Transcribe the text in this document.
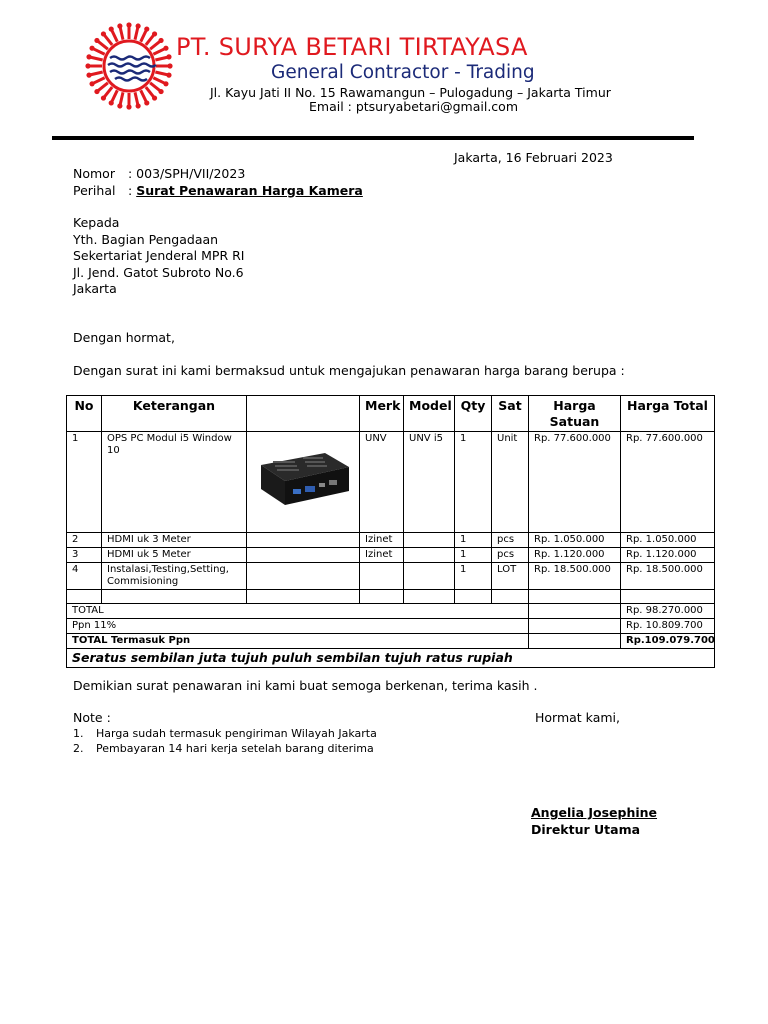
PT. SURYA BETARI TIRTAYASA
General Contractor - Trading
Jl. Kayu Jati II No. 15 Rawamangun – Pulogadung – Jakarta Timur
Email : ptsuryabetari@gmail.com
Jakarta, 16 Februari 2023
Nomor : 003/SPH/VII/2023
Perihal : Surat Penawaran Harga Kamera
Kepada
Yth. Bagian Pengadaan
Sekertariat Jenderal MPR RI
Jl. Jend. Gatot Subroto No.6
Jakarta
Dengan hormat,
Dengan surat ini kami bermaksud untuk mengajukan penawaran harga barang berupa :
No	Keterangan		Merk	Model	Qty	Sat	Harga Satuan	Harga Total
1	OPS PC Modul i5 Window 10		UNV	UNV i5	1	Unit	Rp. 77.600.000	Rp. 77.600.000
2	HDMI uk 3 Meter		Izinet		1	pcs	Rp. 1.050.000	Rp. 1.050.000
3	HDMI uk 5 Meter		Izinet		1	pcs	Rp. 1.120.000	Rp. 1.120.000
4	Instalasi,Testing,Setting, Commisioning				1	LOT	Rp. 18.500.000	Rp. 18.500.000

TOTAL								Rp. 98.270.000
Ppn 11%								Rp. 10.809.700
TOTAL Termasuk Ppn								Rp.109.079.700
Seratus sembilan juta tujuh puluh sembilan tujuh ratus rupiah								
Demikian surat penawaran ini kami buat semoga berkenan, terima kasih .
Note :	Hormat kami,
1. Harga sudah termasuk pengiriman Wilayah Jakarta
2. Pembayaran 14 hari kerja setelah barang diterima
Angelia Josephine
Direktur Utama
